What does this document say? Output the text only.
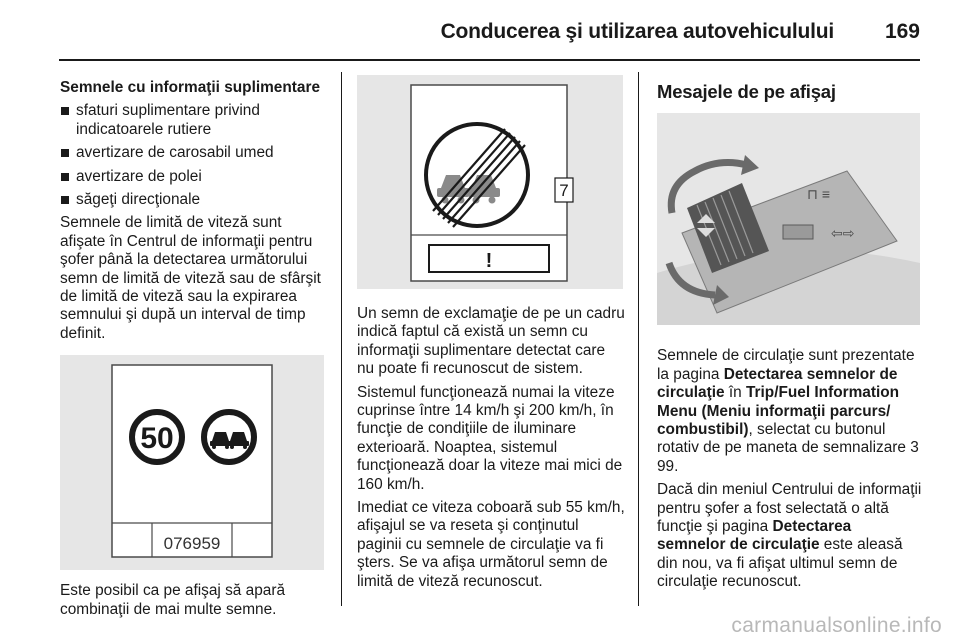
Conducerea şi utilizarea autovehiculului 169

Semnele cu informaţii suplimentare

sfaturi suplimentare privind indicatoarele rutiere
avertizare de carosabil umed
avertizare de polei
săgeţi direcţionale

Semnele de limită de viteză sunt afişate în Centrul de informaţii pentru şofer până la detectarea următorului semn de limită de viteză sau de sfârşit de limită de viteză sau la expirarea semnului şi după un interval de timp definit.

50
076959

Este posibil ca pe afişaj să apară combinaţii de mai multe semne.

!
7

Un semn de exclamaţie de pe un cadru indică faptul că există un semn cu informaţii suplimentare detectat care nu poate fi recunoscut de sistem.

Sistemul funcţionează numai la viteze cuprinse între 14 km/h şi 200 km/h, în funcţie de condiţiile de iluminare exterioară. Noaptea, sistemul funcţionează doar la viteze mai mici de 160 km/h.

Imediat ce viteza coboară sub 55 km/h, afişajul se va reseta şi conţinutul paginii cu semnele de circulaţie va fi şters. Se va afişa următorul semn de limită de viteză recunoscut.

Mesajele de pe afişaj
⇦⇨
⊓ ≡

Semnele de circulaţie sunt prezentate la pagina Detectarea semnelor de circulaţie în Trip/Fuel Information Menu (Meniu informaţii parcurs/ combustibil), selectat cu butonul rotativ de pe maneta de semnalizare 3 99.

Dacă din meniul Centrului de informaţii pentru şofer a fost selectată o altă funcţie şi pagina Detectarea semnelor de circulaţie este aleasă din nou, va fi afişat ultimul semn de circulaţie recunoscut.

carmanualsonline.info
